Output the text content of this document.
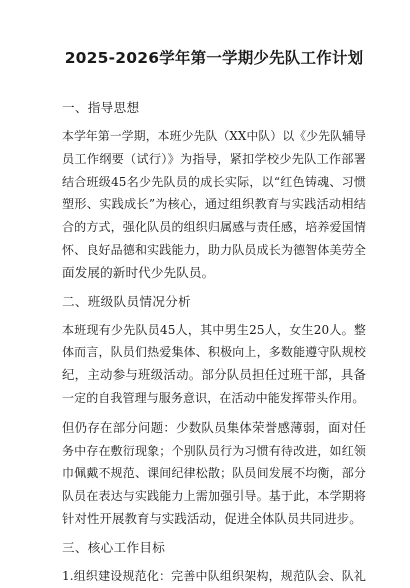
2025-2026学年第一学期少先队工作计划
一、指导思想
本学年第一学期，本班少先队（XX中队）以《少先队辅导
员工作纲要（试行）》为指导，紧扣学校少先队工作部署
结合班级45名少先队员的成长实际，以“红色铸魂、习惯
塑形、实践成长”为核心，通过组织教育与实践活动相结
合的方式，强化队员的组织归属感与责任感，培养爱国情
怀、良好品德和实践能力，助力队员成长为德智体美劳全
面发展的新时代少先队员。
二、班级队员情况分析
本班现有少先队员45人，其中男生25人，女生20人。整
体而言，队员们热爱集体、积极向上，多数能遵守队规校
纪，主动参与班级活动。部分队员担任过班干部，具备
一定的自我管理与服务意识，在活动中能发挥带头作用。
但仍存在部分问题：少数队员集体荣誉感薄弱，面对任
务中存在敷衍现象；个别队员行为习惯有待改进，如红领
巾佩戴不规范、课间纪律松散；队员间发展不均衡，部分
队员在表达与实践能力上需加强引导。基于此，本学期将
针对性开展教育与实践活动，促进全体队员共同进步。
三、核心工作目标
1.组织建设规范化：完善中队组织架构，规范队会、队礼
